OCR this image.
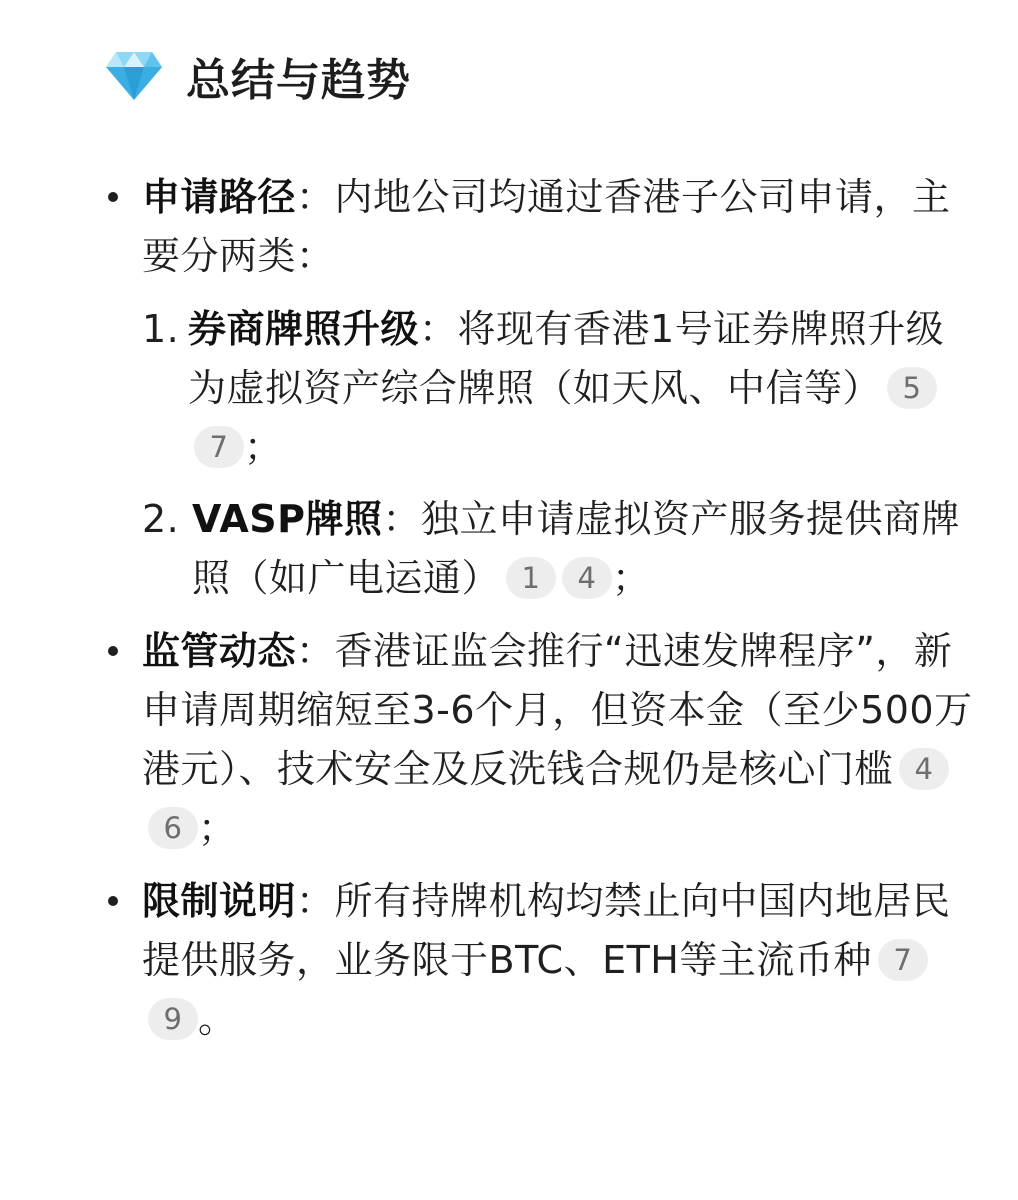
总结与趋势
申请路径：内地公司均通过香港子公司申请，主要分两类：
1. 券商牌照升级：将现有香港1号证券牌照升级为虚拟资产综合牌照（如天风、中信等） 57 ；
2. VASP牌照：独立申请虚拟资产服务提供商牌照（如广电运通） 1 4 ；
监管动态：香港证监会推行“迅速发牌程序”，新申请周期缩短至3-6个月，但资本金（至少500万港元）、技术安全及反洗钱合规仍是核心门槛 46 ；
限制说明：所有持牌机构均禁止向中国内地居民提供服务，业务限于BTC、ETH等主流币种 79 。
